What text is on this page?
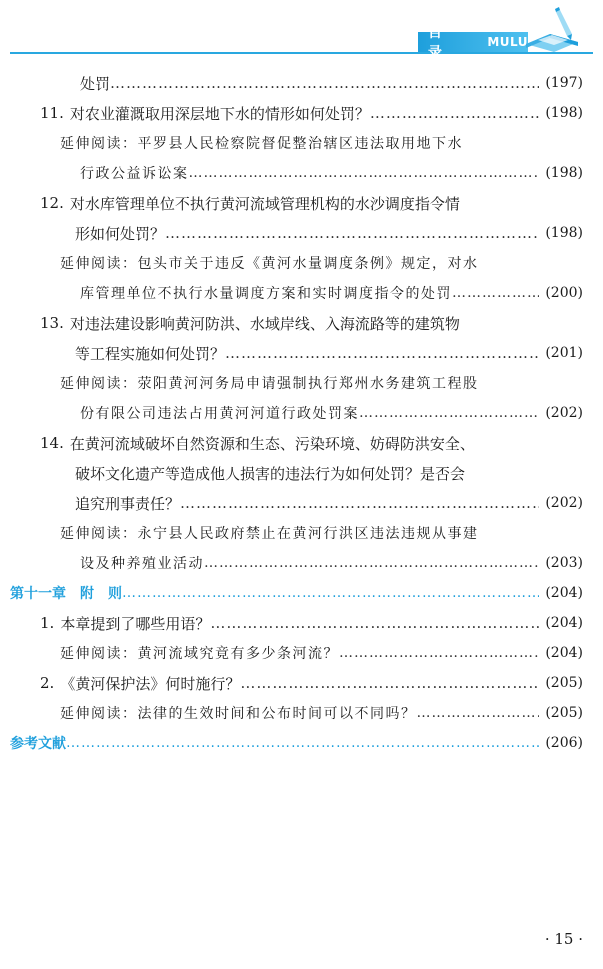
目 录
MULU
处罚 …………………………………………………………………………………………………………………………………………	(197)
11. 对农业灌溉取用深层地下水的情形如何处罚？ …………………………………………………………………………………………………………………………………………	(198)
延伸阅读：平罗县人民检察院督促整治辖区违法取用地下水
行政公益诉讼案 …………………………………………………………………………………………………………………………………………	(198)
12. 对水库管理单位不执行黄河流域管理机构的水沙调度指令情
形如何处罚？ …………………………………………………………………………………………………………………………………………	(198)
延伸阅读：包头市关于违反《黄河水量调度条例》规定，对水
库管理单位不执行水量调度方案和实时调度指令的处罚 …………………………………………………………………………………………………………………………………………	(200)
13. 对违法建设影响黄河防洪、水域岸线、入海流路等的建筑物
等工程实施如何处罚？ …………………………………………………………………………………………………………………………………………	(201)
延伸阅读：荥阳黄河河务局申请强制执行郑州水务建筑工程股
份有限公司违法占用黄河河道行政处罚案 …………………………………………………………………………………………………………………………………………	(202)
14. 在黄河流域破坏自然资源和生态、污染环境、妨碍防洪安全、
破坏文化遗产等造成他人损害的违法行为如何处罚？是否会
追究刑事责任？ …………………………………………………………………………………………………………………………………………	(202)
延伸阅读：永宁县人民政府禁止在黄河行洪区违法违规从事建
设及种养殖业活动 …………………………………………………………………………………………………………………………………………	(203)
第十一章　附　则 …………………………………………………………………………………………………………………………………………	(204)
1. 本章提到了哪些用语？ …………………………………………………………………………………………………………………………………………	(204)
延伸阅读：黄河流域究竟有多少条河流？ …………………………………………………………………………………………………………………………………………	(204)
2. 《黄河保护法》何时施行？ …………………………………………………………………………………………………………………………………………	(205)
延伸阅读：法律的生效时间和公布时间可以不同吗？ …………………………………………………………………………………………………………………………………………	(205)
参考文献 …………………………………………………………………………………………………………………………………………	(206)
· 15 ·
